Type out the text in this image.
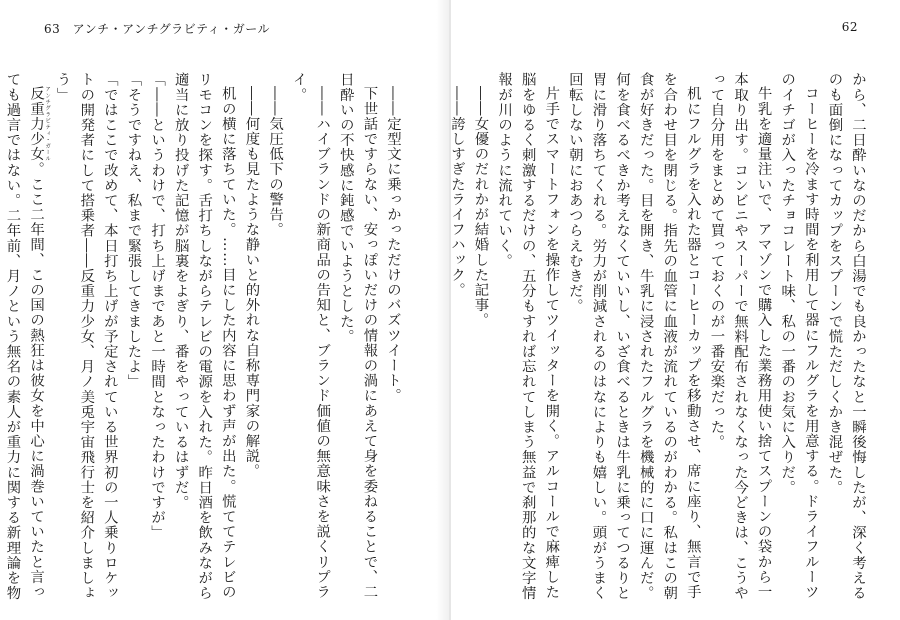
63 アンチ・アンチグラビティ・ガール

――定型文に乗っかっただけのバズツイート。

下世話ですらない、安っぽいだけの情報の渦にあえて身を委ねることで、二日酔いの不快感に鈍感でいようとした。

――ハイブランドの新商品の告知と、ブランド価値の無意味さを説くリプライ。

――気圧低下の警告。

――何度も見たような静いと的外れな自称専門家の解説。

机の横に落ちていた。……目にした内容に思わず声が出た。慌ててテレビのリモコンを探す。舌打ちしながらテレビの電源を入れた。昨日酒を飲みながら適当に放り投げた記憶が脳裏をよぎり、番をやっているはずだ。

「――というわけで、打ち上げまであと一時間となったわけですが」

「そうですねえ、私まで緊張してきましたよ」

「ではここで改めて、本日打ち上げが予定されている世界初の一人乗りロケットの開発者にして搭乗者――反重力少女、月ノ美兎宇宙飛行士を紹介しましょう」

反重力少女 アンチグラビティ・ガール。ここ二年間、この国の熱狂は彼女を中心に渦巻いていたと言っても過言ではない。二年前、月ノという無名の素人が重力に関する新理論を物

62

から、二日酔いなのだから白湯でも良かったなと一瞬後悔したが、深く考えるのも面倒になってカップをスプーンで慌ただしくかき混ぜた。

コーヒーを冷ます時間を利用して器にフルグラを用意する。ドライフルーツのイチゴが入ったチョコレート味、私の一番のお気に入りだ。

牛乳を適量注いで、アマゾンで購入した業務用使い捨てスプーンの袋から一本取り出す。コンビニやスーパーで無料配布されなくなった今どきは、こうやって自分用をまとめて買っておくのが一番安楽だった。

机にフルグラを入れた器とコーヒーカップを移動させ、席に座り、無言で手を合わせ目を閉じる。指先の血管に血液が流れているのがわかる。私はこの朝食が好きだった。目を開き、牛乳に浸されたフルグラを機械的に口に運んだ。何を食べるべきか考えなくていいし、いざ食べるときは牛乳に乗ってつるりと胃に滑り落ちてくれる。労力が削減されるのはなによりも嬉しい。頭がうまく回転しない朝におあつらえむきだ。

片手でスマートフォンを操作してツイッターを開く。アルコールで麻痺した脳をゆるく刺激するだけの、五分もすれば忘れてしまう無益で刹那的な文字情報が川のように流れていく。

――女優のだれかが結婚した記事。

――誇しすぎたライフハック。
